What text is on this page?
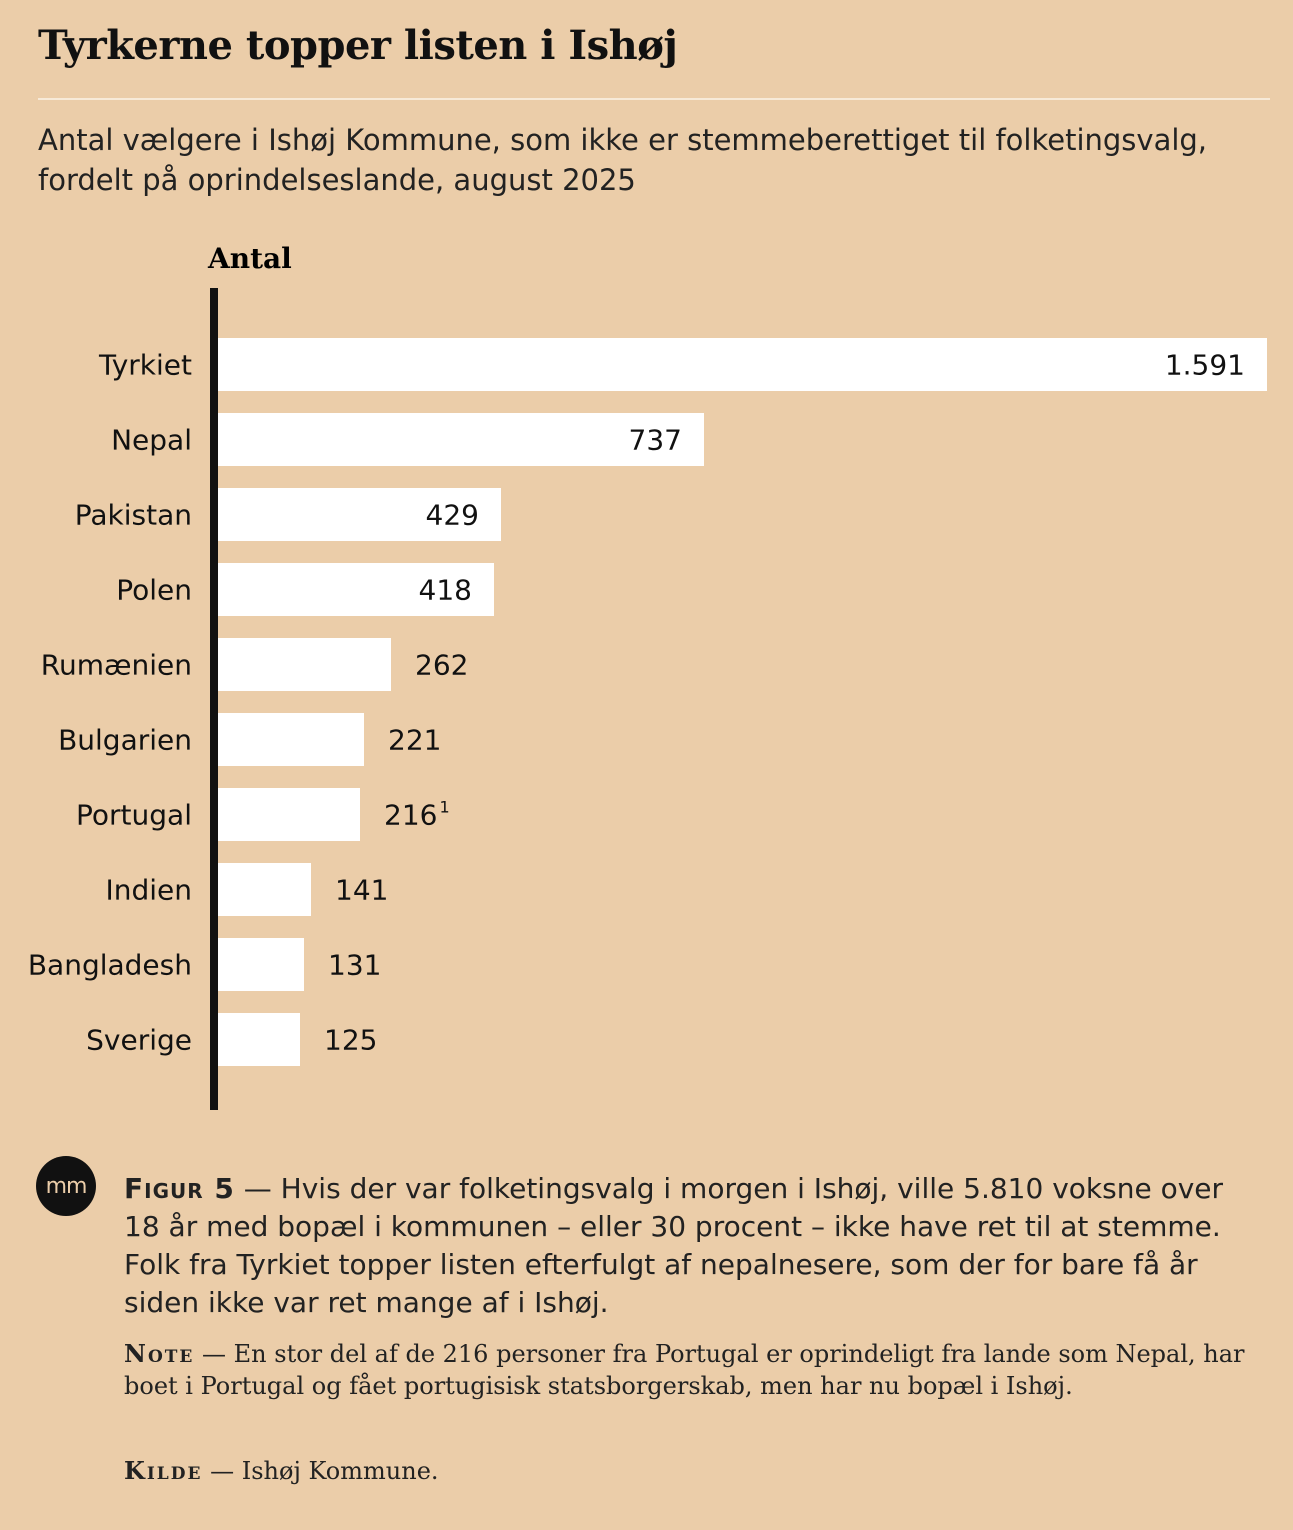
Tyrkerne topper listen i Ishøj

Antal vælgere i Ishøj Kommune, som ikke er stemmeberettiget til folketingsvalg, fordelt på oprindelseslande, august 2025

Antal
Tyrkiet	1.591
Nepal	737
Pakistan	429
Polen	418
Rumænien	262
Bulgarien	221
Portugal	216 $^1$
Indien	141
Bangladesh	131
Sverige	125
mm	Figur 5 — Hvis der var folketingsvalg i morgen i Ishøj, ville 5.810 voksne over 18 år med bopæl i kommunen – eller 30 procent – ikke have ret til at stemme. Folk fra Tyrkiet topper listen efterfulgt af nepalnesere, som der for bare få år siden ikke var ret mange af i Ishøj.
Note — En stor del af de 216 personer fra Portugal er oprindeligt fra lande som Nepal, har boet i Portugal og fået portugisisk statsborgerskab, men har nu bopæl i Ishøj.
Kilde — Ishøj Kommune.
